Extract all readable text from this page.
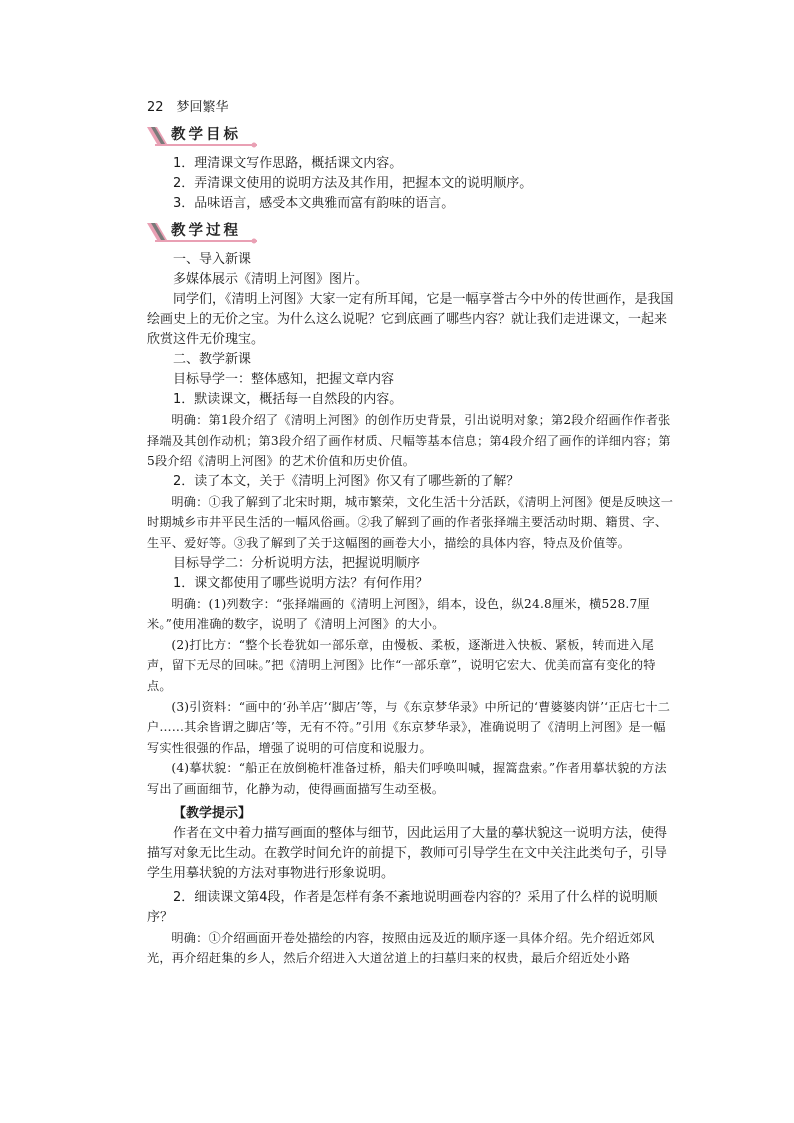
22　梦回繁华

教学目标

1．理清课文写作思路，概括课文内容。

2．弄清课文使用的说明方法及其作用，把握本文的说明顺序。

3．品味语言，感受本文典雅而富有韵味的语言。

教学过程

一、导入新课

多媒体展示《清明上河图》图片。

同学们，《清明上河图》大家一定有所耳闻，它是一幅享誉古今中外的传世画作，是我国绘画史上的无价之宝。为什么这么说呢？它到底画了哪些内容？就让我们走进课文，一起来欣赏这件无价瑰宝。

二、教学新课

目标导学一：整体感知，把握文章内容

1．默读课文，概括每一自然段的内容。

明确：第1段介绍了《清明上河图》的创作历史背景，引出说明对象；第2段介绍画作作者张择端及其创作动机；第3段介绍了画作材质、尺幅等基本信息；第4段介绍了画作的详细内容；第5段介绍《清明上河图》的艺术价值和历史价值。

2．读了本文，关于《清明上河图》你又有了哪些新的了解？

明确：①我了解到了北宋时期，城市繁荣，文化生活十分活跃，《清明上河图》便是反映这一时期城乡市井平民生活的一幅风俗画。②我了解到了画的作者张择端主要活动时期、籍贯、字、生平、爱好等。③我了解到了关于这幅图的画卷大小，描绘的具体内容，特点及价值等。

目标导学二：分析说明方法，把握说明顺序

1．课文都使用了哪些说明方法？有何作用？

明确：(1)列数字：“张择端画的《清明上河图》，绢本，设色，纵24.8厘米，横528.7厘米。”使用准确的数字，说明了《清明上河图》的大小。

(2)打比方：“整个长卷犹如一部乐章，由慢板、柔板，逐渐进入快板、紧板，转而进入尾声，留下无尽的回味。”把《清明上河图》比作“一部乐章”，说明它宏大、优美而富有变化的特点。

(3)引资料：“画中的‘孙羊店’‘脚店’等，与《东京梦华录》中所记的‘曹婆婆肉饼’‘正店七十二户……其余皆谓之脚店’等，无有不符。”引用《东京梦华录》，准确说明了《清明上河图》是一幅写实性很强的作品，增强了说明的可信度和说服力。

(4)摹状貌：“船正在放倒桅杆准备过桥，船夫们呼唤叫喊，握篙盘索。”作者用摹状貌的方法写出了画面细节，化静为动，使得画面描写生动至极。

【教学提示】

作者在文中着力描写画面的整体与细节，因此运用了大量的摹状貌这一说明方法，使得描写对象无比生动。在教学时间允许的前提下，教师可引导学生在文中关注此类句子，引导学生用摹状貌的方法对事物进行形象说明。

2．细读课文第4段，作者是怎样有条不紊地说明画卷内容的？采用了什么样的说明顺序？

明确：①介绍画面开卷处描绘的内容，按照由远及近的顺序逐一具体介绍。先介绍近郊风光，再介绍赶集的乡人，然后介绍进入大道岔道上的扫墓归来的权贵，最后介绍近处小路
